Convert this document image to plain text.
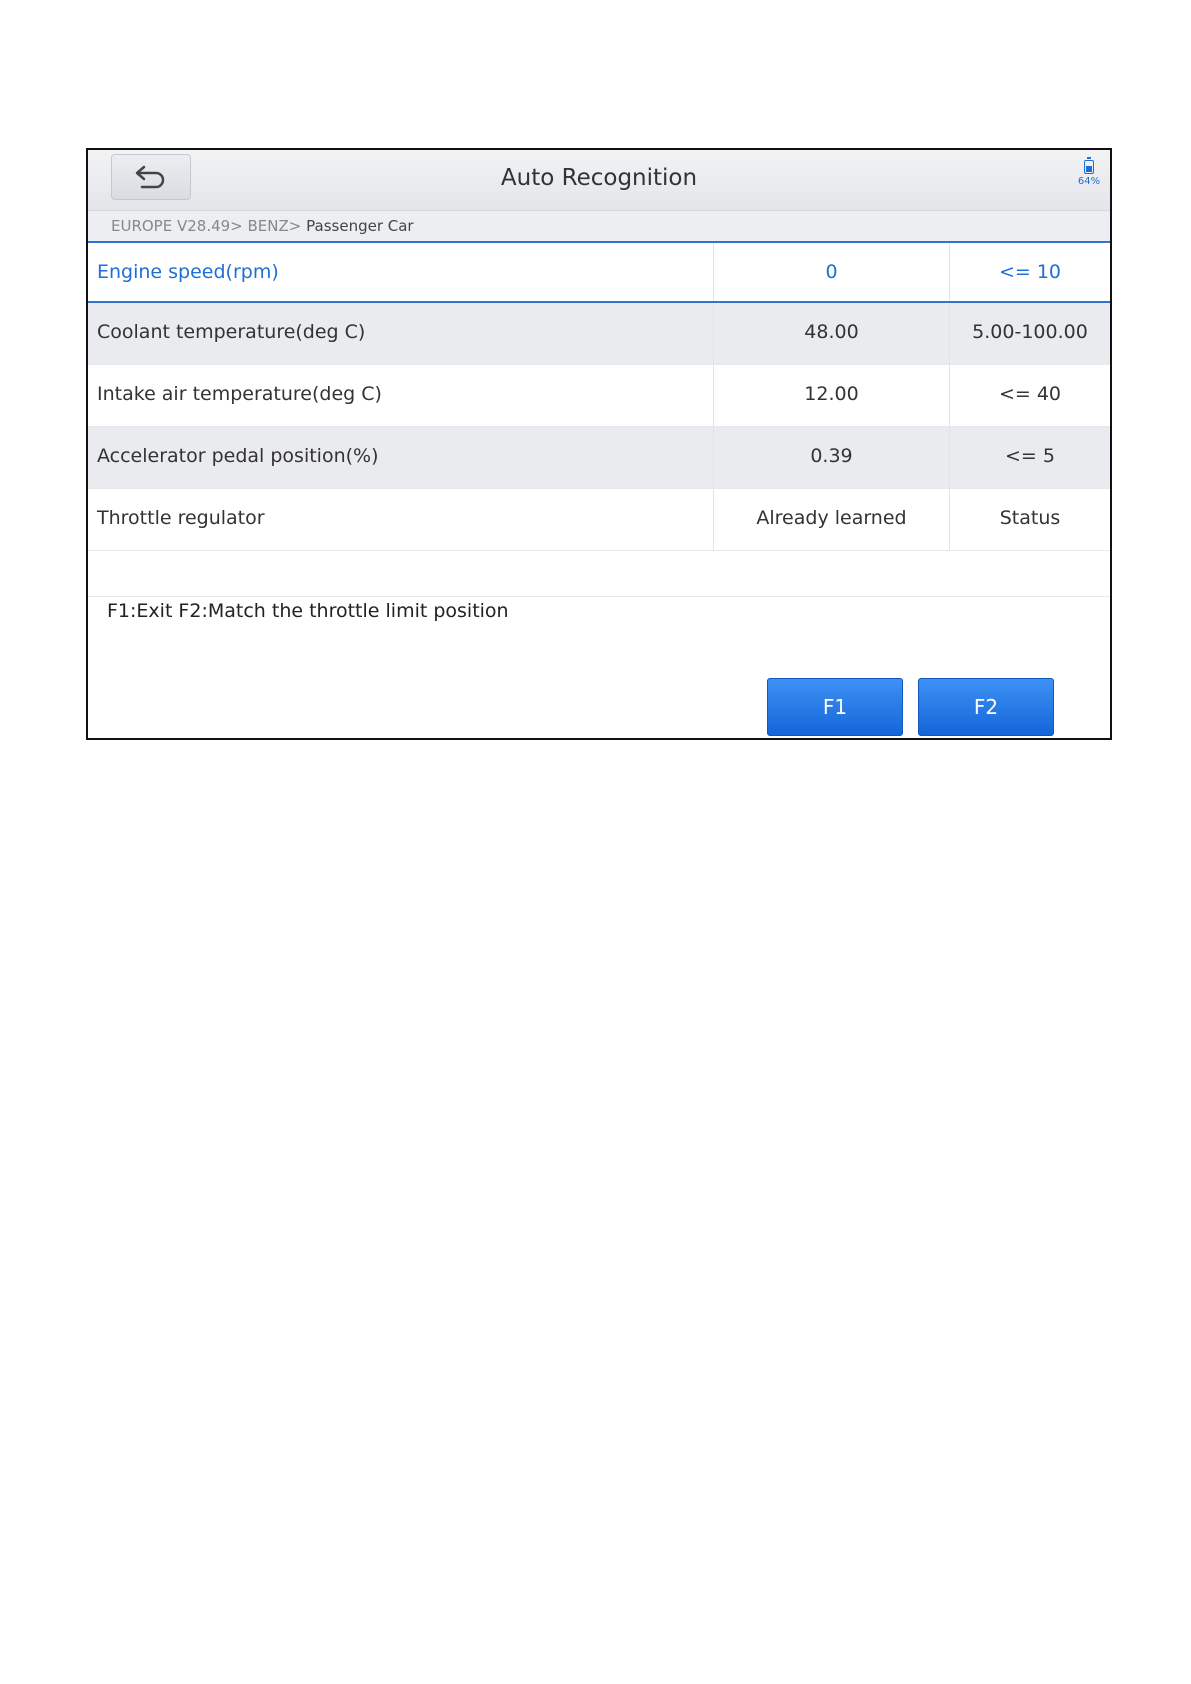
Auto Recognition	64%
EUROPE V28.49> BENZ> Passenger Car
Engine speed(rpm)	0	<= 10
Coolant temperature(deg C)	48.00	5.00-100.00
Intake air temperature(deg C)	12.00	<= 40
Accelerator pedal position(%)	0.39	<= 5
Throttle regulator	Already learned	Status
F1:Exit F2:Match the throttle limit position
F1	F2
